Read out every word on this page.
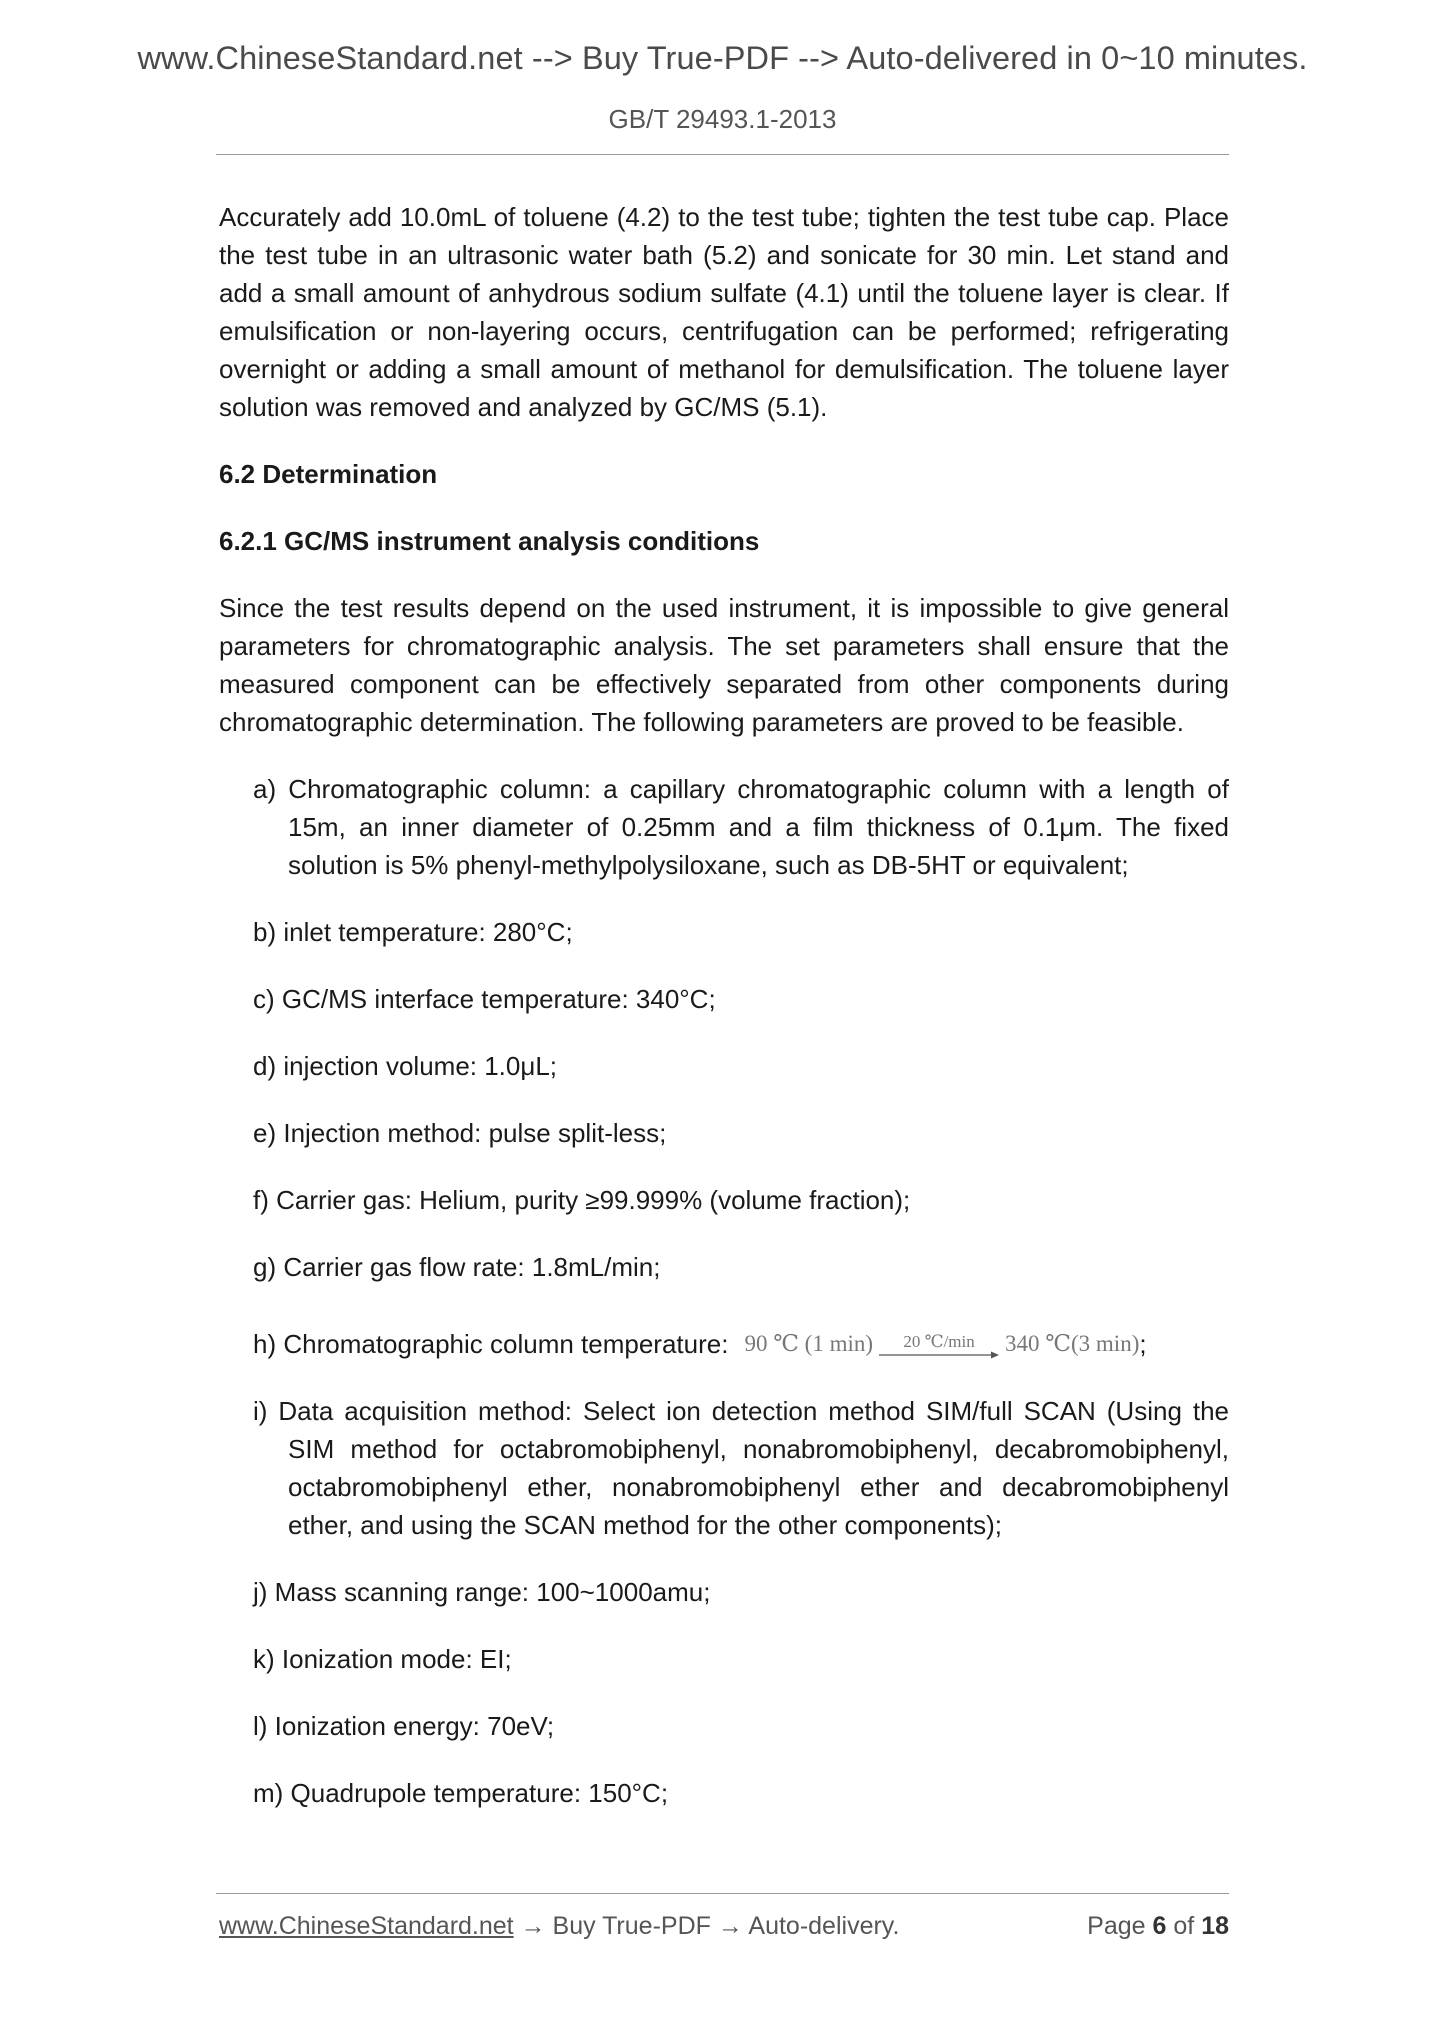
www.ChineseStandard.net --> Buy True-PDF --> Auto-delivered in 0~10 minutes.
GB/T 29493.1-2013

Accurately add 10.0mL of toluene (4.2) to the test tube; tighten the test tube cap. Place the test tube in an ultrasonic water bath (5.2) and sonicate for 30 min. Let stand and add a small amount of anhydrous sodium sulfate (4.1) until the toluene layer is clear. If emulsification or non-layering occurs, centrifugation can be performed; refrigerating overnight or adding a small amount of methanol for demulsification. The toluene layer solution was removed and analyzed by GC/MS (5.1).

6.2 Determination

6.2.1 GC/MS instrument analysis conditions

Since the test results depend on the used instrument, it is impossible to give general parameters for chromatographic analysis. The set parameters shall ensure that the measured component can be effectively separated from other components during chromatographic determination. The following parameters are proved to be feasible.

a) Chromatographic column: a capillary chromatographic column with a length of 15m, an inner diameter of 0.25mm and a film thickness of 0.1μm. The fixed solution is 5% phenyl-methylpolysiloxane, such as DB-5HT or equivalent;

b) inlet temperature: 280°C;

c) GC/MS interface temperature: 340°C;

d) injection volume: 1.0μL;

e) Injection method: pulse split-less;

f) Carrier gas: Helium, purity ≥99.999% (volume fraction);

g) Carrier gas flow rate: 1.8mL/min;

h) Chromatographic column temperature: 90 ℃ (1 min) 20 ℃/min 340 ℃(3 min) ;

i) Data acquisition method: Select ion detection method SIM/full SCAN (Using the SIM method for octabromobiphenyl, nonabromobiphenyl, decabromobiphenyl, octabromobiphenyl ether, nonabromobiphenyl ether and decabromobiphenyl ether, and using the SCAN method for the other components);

j) Mass scanning range: 100~1000amu;

k) Ionization mode: EI;

l) Ionization energy: 70eV;

m) Quadrupole temperature: 150°C;

www.ChineseStandard.net → Buy True-PDF → Auto-delivery.	Page 6 of 18
